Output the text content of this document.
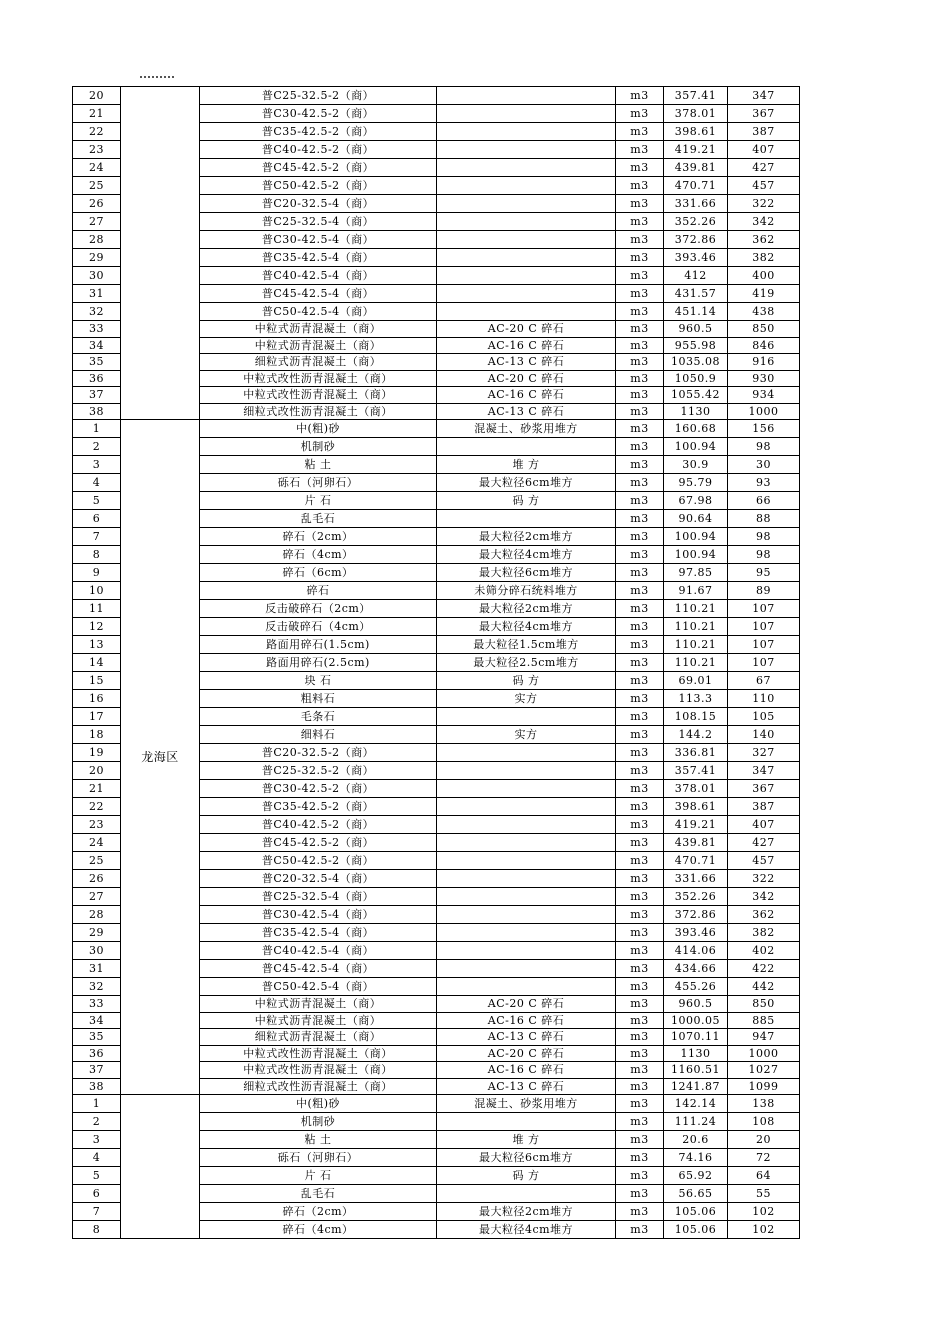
20		普C25-32.5-2（商）		m3	357.41	347
21		普C30-42.5-2（商）		m3	378.01	367
22		普C35-42.5-2（商）		m3	398.61	387
23		普C40-42.5-2（商）		m3	419.21	407
24		普C45-42.5-2（商）		m3	439.81	427
25		普C50-42.5-2（商）		m3	470.71	457
26		普C20-32.5-4（商）		m3	331.66	322
27		普C25-32.5-4（商）		m3	352.26	342
28		普C30-42.5-4（商）		m3	372.86	362
29		普C35-42.5-4（商）		m3	393.46	382
30		普C40-42.5-4（商）		m3	412	400
31		普C45-42.5-4（商）		m3	431.57	419
32		普C50-42.5-4（商）		m3	451.14	438
33		中粒式沥青混凝土（商）	AC-20 C 碎石	m3	960.5	850
34		中粒式沥青混凝土（商）	AC-16 C 碎石	m3	955.98	846
35		细粒式沥青混凝土（商）	AC-13 C 碎石	m3	1035.08	916
36		中粒式改性沥青混凝土（商）	AC-20 C 碎石	m3	1050.9	930
37		中粒式改性沥青混凝土（商）	AC-16 C 碎石	m3	1055.42	934
38		细粒式改性沥青混凝土（商）	AC-13 C 碎石	m3	1130	1000
1	龙海区	中(粗)砂	混凝土、砂浆用堆方	m3	160.68	156
2		机制砂		m3	100.94	98
3		粘 土	堆 方	m3	30.9	30
4		砾石（河卵石）	最大粒径6cm堆方	m3	95.79	93
5		片 石	码 方	m3	67.98	66
6		乱毛石		m3	90.64	88
7		碎石（2cm）	最大粒径2cm堆方	m3	100.94	98
8		碎石（4cm）	最大粒径4cm堆方	m3	100.94	98
9		碎石（6cm）	最大粒径6cm堆方	m3	97.85	95
10		碎石	未筛分碎石统料堆方	m3	91.67	89
11		反击破碎石（2cm）	最大粒径2cm堆方	m3	110.21	107
12		反击破碎石（4cm）	最大粒径4cm堆方	m3	110.21	107
13		路面用碎石(1.5cm)	最大粒径1.5cm堆方	m3	110.21	107
14		路面用碎石(2.5cm)	最大粒径2.5cm堆方	m3	110.21	107
15		块 石	码 方	m3	69.01	67
16		粗料石	实方	m3	113.3	110
17		毛条石		m3	108.15	105
18		细料石	实方	m3	144.2	140
19		普C20-32.5-2（商）		m3	336.81	327
20		普C25-32.5-2（商）		m3	357.41	347
21		普C30-42.5-2（商）		m3	378.01	367
22		普C35-42.5-2（商）		m3	398.61	387
23		普C40-42.5-2（商）		m3	419.21	407
24		普C45-42.5-2（商）		m3	439.81	427
25		普C50-42.5-2（商）		m3	470.71	457
26		普C20-32.5-4（商）		m3	331.66	322
27		普C25-32.5-4（商）		m3	352.26	342
28		普C30-42.5-4（商）		m3	372.86	362
29		普C35-42.5-4（商）		m3	393.46	382
30		普C40-42.5-4（商）		m3	414.06	402
31		普C45-42.5-4（商）		m3	434.66	422
32		普C50-42.5-4（商）		m3	455.26	442
33		中粒式沥青混凝土（商）	AC-20 C 碎石	m3	960.5	850
34		中粒式沥青混凝土（商）	AC-16 C 碎石	m3	1000.05	885
35		细粒式沥青混凝土（商）	AC-13 C 碎石	m3	1070.11	947
36		中粒式改性沥青混凝土（商）	AC-20 C 碎石	m3	1130	1000
37		中粒式改性沥青混凝土（商）	AC-16 C 碎石	m3	1160.51	1027
38		细粒式改性沥青混凝土（商）	AC-13 C 碎石	m3	1241.87	1099
1		中(粗)砂	混凝土、砂浆用堆方	m3	142.14	138
2		机制砂		m3	111.24	108
3		粘 土	堆 方	m3	20.6	20
4		砾石（河卵石）	最大粒径6cm堆方	m3	74.16	72
5		片 石	码 方	m3	65.92	64
6		乱毛石		m3	56.65	55
7		碎石（2cm）	最大粒径2cm堆方	m3	105.06	102
8		碎石（4cm）	最大粒径4cm堆方	m3	105.06	102
